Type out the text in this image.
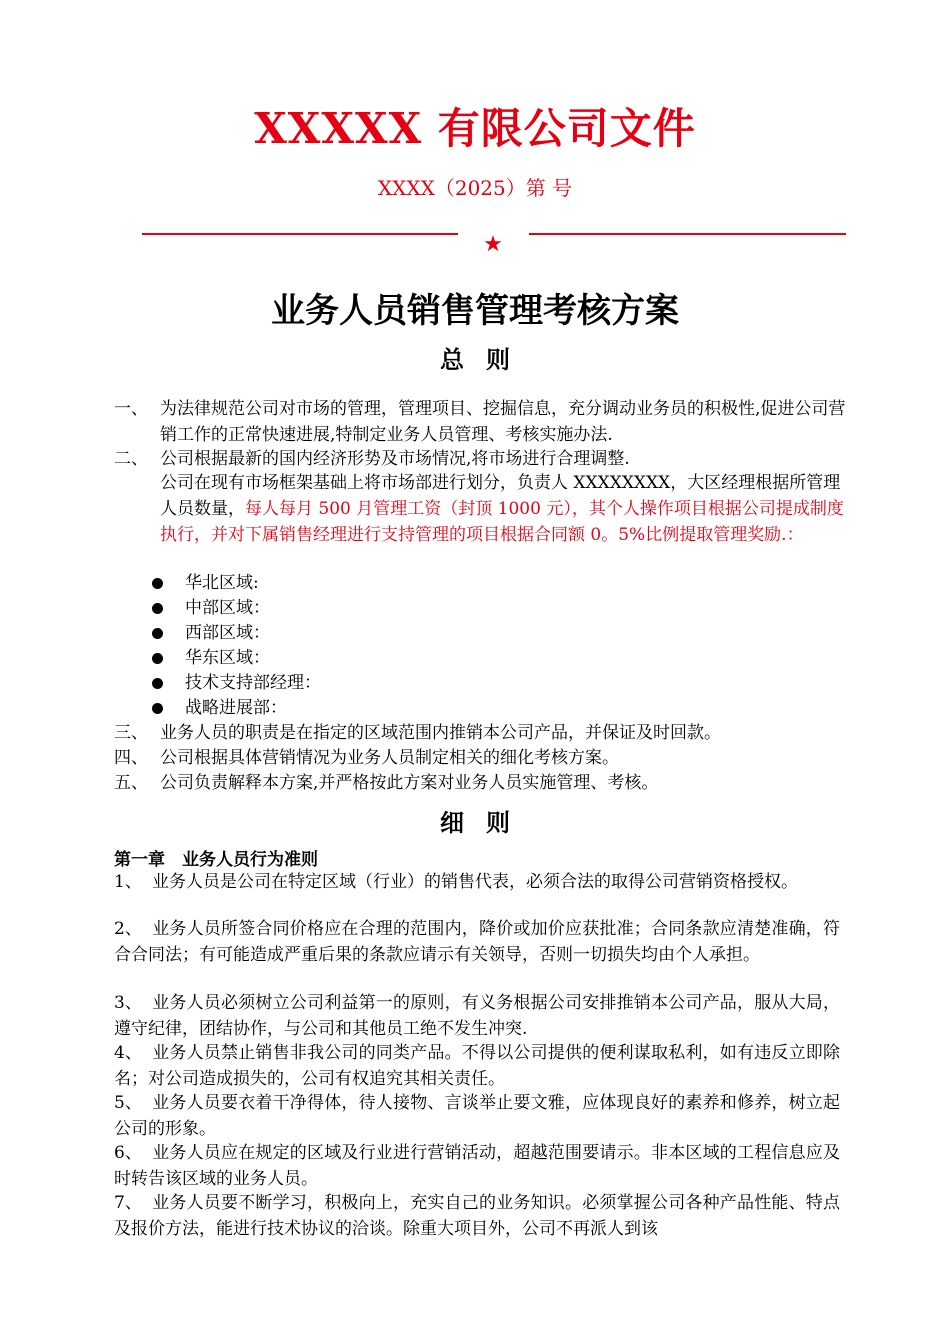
XXXXX 有限公司文件
XXXX（2025）第 号
★
业务人员销售管理考核方案
总则
一、 为法律规范公司对市场的管理，管理项目、挖掘信息，充分调动业务员的积极性,促进公司营销工作的正常快速进展,特制定业务人员管理、考核实施办法.
二、 公司根据最新的国内经济形势及市场情况,将市场进行合理调整.
公司在现有市场框架基础上将市场部进行划分，负责人 XXXXXXXX，大区经理根据所管理人员数量，每人每月 500 月管理工资（封顶 1000 元），其个人操作项目根据公司提成制度执行，并对下属销售经理进行支持管理的项目根据合同额 0。5%比例提取管理奖励.：
华北区域:
中部区域：
西部区域：
华东区域：
技术支持部经理：
战略进展部：
三、 业务人员的职责是在指定的区域范围内推销本公司产品，并保证及时回款。
四、 公司根据具体营销情况为业务人员制定相关的细化考核方案。
五、 公司负责解释本方案,并严格按此方案对业务人员实施管理、考核。
细则
第一章　业务人员行为准则
1、 业务人员是公司在特定区域（行业）的销售代表，必须合法的取得公司营销资格授权。
2、 业务人员所签合同价格应在合理的范围内，降价或加价应获批准；合同条款应清楚准确，符合合同法；有可能造成严重后果的条款应请示有关领导，否则一切损失均由个人承担。
3、 业务人员必须树立公司利益第一的原则，有义务根据公司安排推销本公司产品，服从大局，遵守纪律，团结协作，与公司和其他员工绝不发生冲突.
4、 业务人员禁止销售非我公司的同类产品。不得以公司提供的便利谋取私利，如有违反立即除名；对公司造成损失的，公司有权追究其相关责任。
5、 业务人员要衣着干净得体，待人接物、言谈举止要文雅，应体现良好的素养和修养，树立起公司的形象。
6、 业务人员应在规定的区域及行业进行营销活动，超越范围要请示。非本区域的工程信息应及时转告该区域的业务人员。
7、 业务人员要不断学习，积极向上，充实自己的业务知识。必须掌握公司各种产品性能、特点及报价方法，能进行技术协议的洽谈。除重大项目外，公司不再派人到该
